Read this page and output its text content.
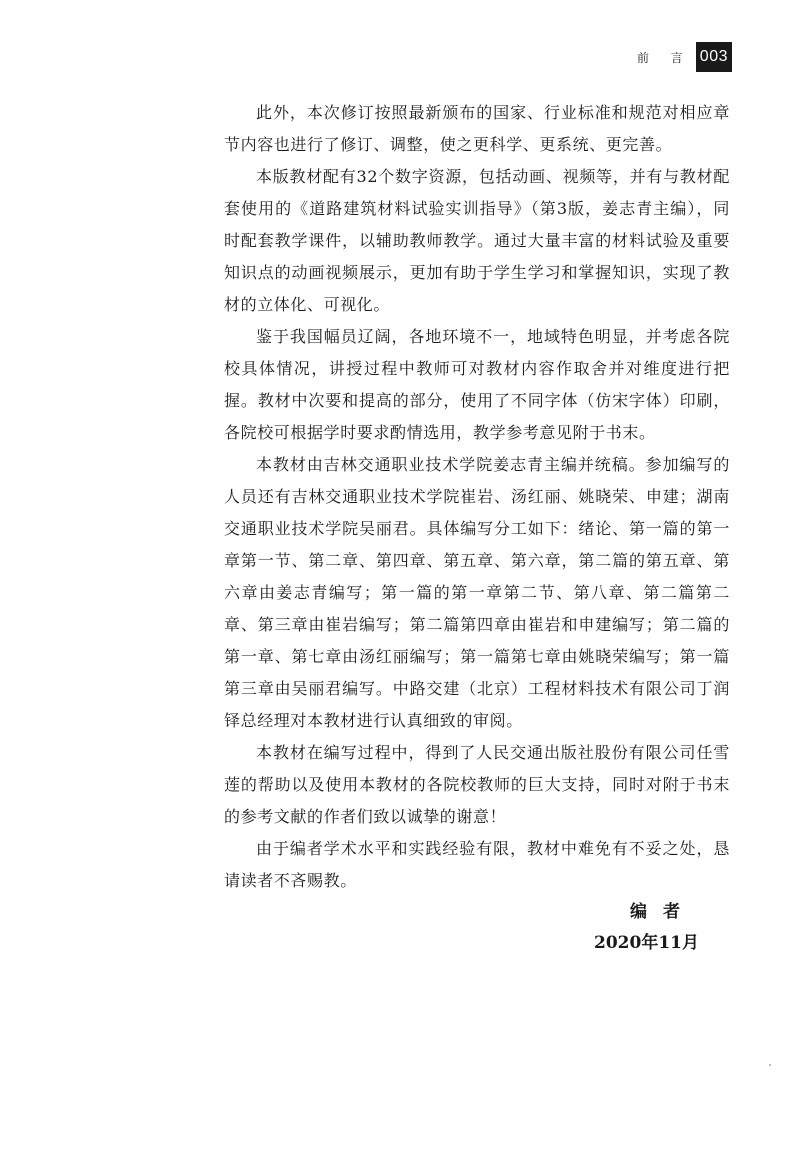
前 言 003

此外，本次修订按照最新颁布的国家、行业标准和规范对相应章节内容也进行了修订、调整，使之更科学、更系统、更完善。

本版教材配有32个数字资源，包括动画、视频等，并有与教材配套使用的《道路建筑材料试验实训指导》（第3版，姜志青主编），同时配套教学课件，以辅助教师教学。通过大量丰富的材料试验及重要知识点的动画视频展示，更加有助于学生学习和掌握知识，实现了教材的立体化、可视化。

鉴于我国幅员辽阔，各地环境不一，地域特色明显，并考虑各院校具体情况，讲授过程中教师可对教材内容作取舍并对维度进行把握。教材中次要和提高的部分，使用了不同字体（仿宋字体）印刷，各院校可根据学时要求酌情选用，教学参考意见附于书末。

本教材由吉林交通职业技术学院姜志青主编并统稿。参加编写的人员还有吉林交通职业技术学院崔岩、汤红丽、姚晓荣、申建；湖南交通职业技术学院吴丽君。具体编写分工如下：绪论、第一篇的第一章第一节、第二章、第四章、第五章、第六章，第二篇的第五章、第六章由姜志青编写；第一篇的第一章第二节、第八章、第二篇第二章、第三章由崔岩编写；第二篇第四章由崔岩和申建编写；第二篇的第一章、第七章由汤红丽编写；第一篇第七章由姚晓荣编写；第一篇第三章由吴丽君编写。中路交建（北京）工程材料技术有限公司丁润铎总经理对本教材进行认真细致的审阅。

本教材在编写过程中，得到了人民交通出版社股份有限公司任雪莲的帮助以及使用本教材的各院校教师的巨大支持，同时对附于书末的参考文献的作者们致以诚挚的谢意！

由于编者学术水平和实践经验有限，教材中难免有不妥之处，恳请读者不吝赐教。

编者
2020年11月
